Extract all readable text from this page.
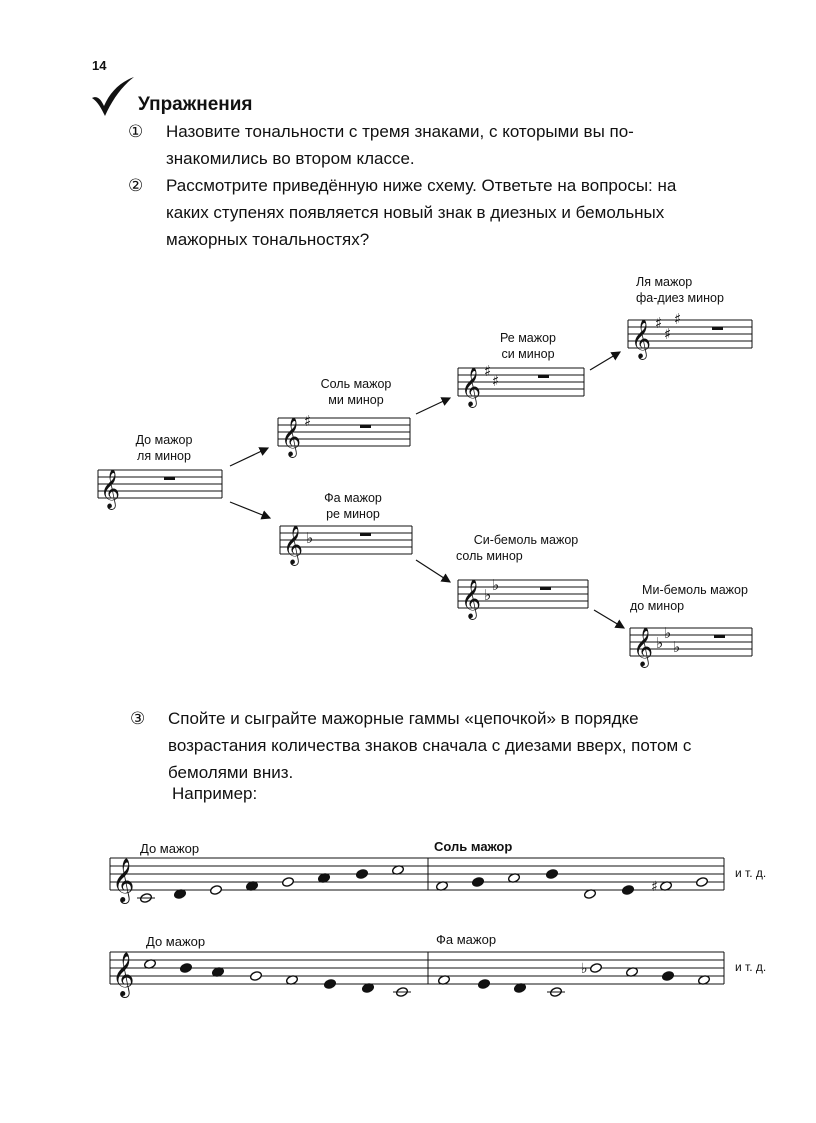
14
Упражнения
① Назовите тональности с тремя знаками, с которыми вы по-знакомились во втором классе.
② Рассмотрите приведённую ниже схему. Ответьте на вопросы: на каких ступенях появляется новый знак в диезных и бемольных мажорных тональностях?
До мажор
ля минор
Соль мажор
ми минор
Ре мажор
си минор
Ля мажор
фа-диез минор
Фа мажор
ре минор
Си-бемоль мажор
соль минор
Ми-бемоль мажор
до минор
③ Спойте и сыграйте мажорные гаммы «цепочкой» в порядке возрастания количества знаков сначала с диезами вверх, потом с бемолями вниз.
Например:
До мажор	Соль мажор
До мажор	Фа мажор
и т. д.
и т. д.
𝄞
𝄞 ♯
𝄞 ♯
♯
𝄞 ♯
♯
♯
𝄞 ♭
𝄞 ♭
♭
𝄞 ♭
♭
♭
𝄞	♯
𝄞	♭
